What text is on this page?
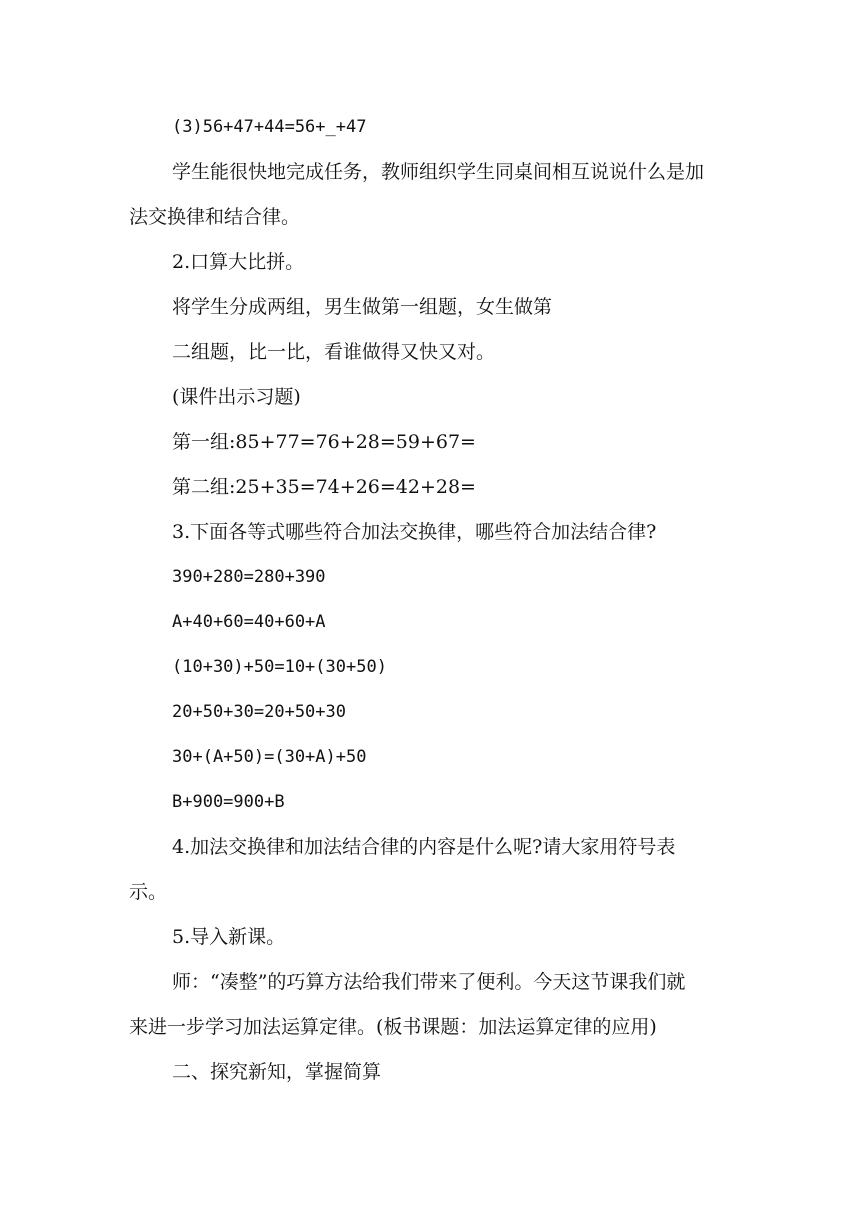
(3)56+47+44=56+_+47
学生能很快地完成任务，教师组织学生同桌间相互说说什么是加
法交换律和结合律。
2.口算大比拼。
将学生分成两组，男生做第一组题，女生做第
二组题，比一比，看谁做得又快又对。
(课件出示习题)
第一组:85+77=76+28=59+67=
第二组:25+35=74+26=42+28=
3.下面各等式哪些符合加法交换律，哪些符合加法结合律?
390+280=280+390
A+40+60=40+60+A
(10+30)+50=10+(30+50)
20+50+30=20+50+30
30+(A+50)=(30+A)+50
B+900=900+B
4.加法交换律和加法结合律的内容是什么呢?请大家用符号表
示。
5.导入新课。
师：“凑整”的巧算方法给我们带来了便利。今天这节课我们就
来进一步学习加法运算定律。(板书课题：加法运算定律的应用)
二、探究新知，掌握简算
